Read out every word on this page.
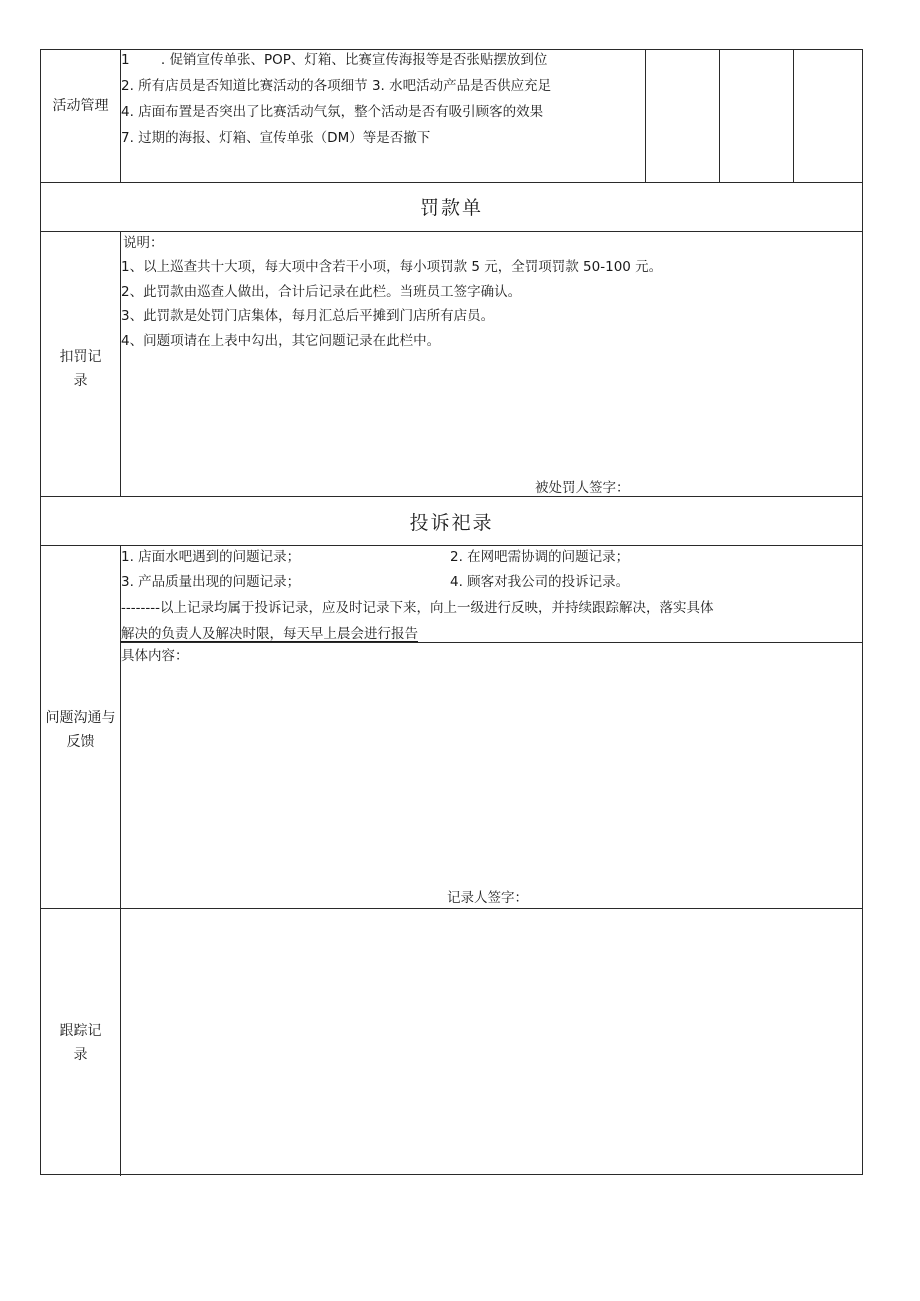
活动管理
1　　 . 促销宣传单张、POP、灯箱、比赛宣传海报等是否张贴摆放到位
2. 所有店员是否知道比赛活动的各项细节 3. 水吧活动产品是否供应充足
4. 店面布置是否突出了比赛活动气氛，整个活动是否有吸引顾客的效果
7. 过期的海报、灯箱、宣传单张（DM）等是否撤下
罚款单
扣罚记录
说明：
1、以上巡查共十大项，每大项中含若干小项，每小项罚款 5 元，全罚项罚款 50-100 元。
2、此罚款由巡查人做出，合计后记录在此栏。当班员工签字确认。
3、此罚款是处罚门店集体，每月汇总后平摊到门店所有店员。
4、问题项请在上表中勾出，其它问题记录在此栏中。
被处罚人签字：
投诉祀录
问题沟通与反馈
1. 店面水吧遇到的问题记录；	2. 在网吧需协调的问题记录；
3. 产品质量出现的问题记录；	4. 顾客对我公司的投诉记录。
--------以上记录均属于投诉记录，应及时记录下来，向上一级进行反映，并持续跟踪解决，落实具体
解决的负责人及解决时限，每天早上晨会进行报告
具体内容：
记录人签字：
跟踪记录
